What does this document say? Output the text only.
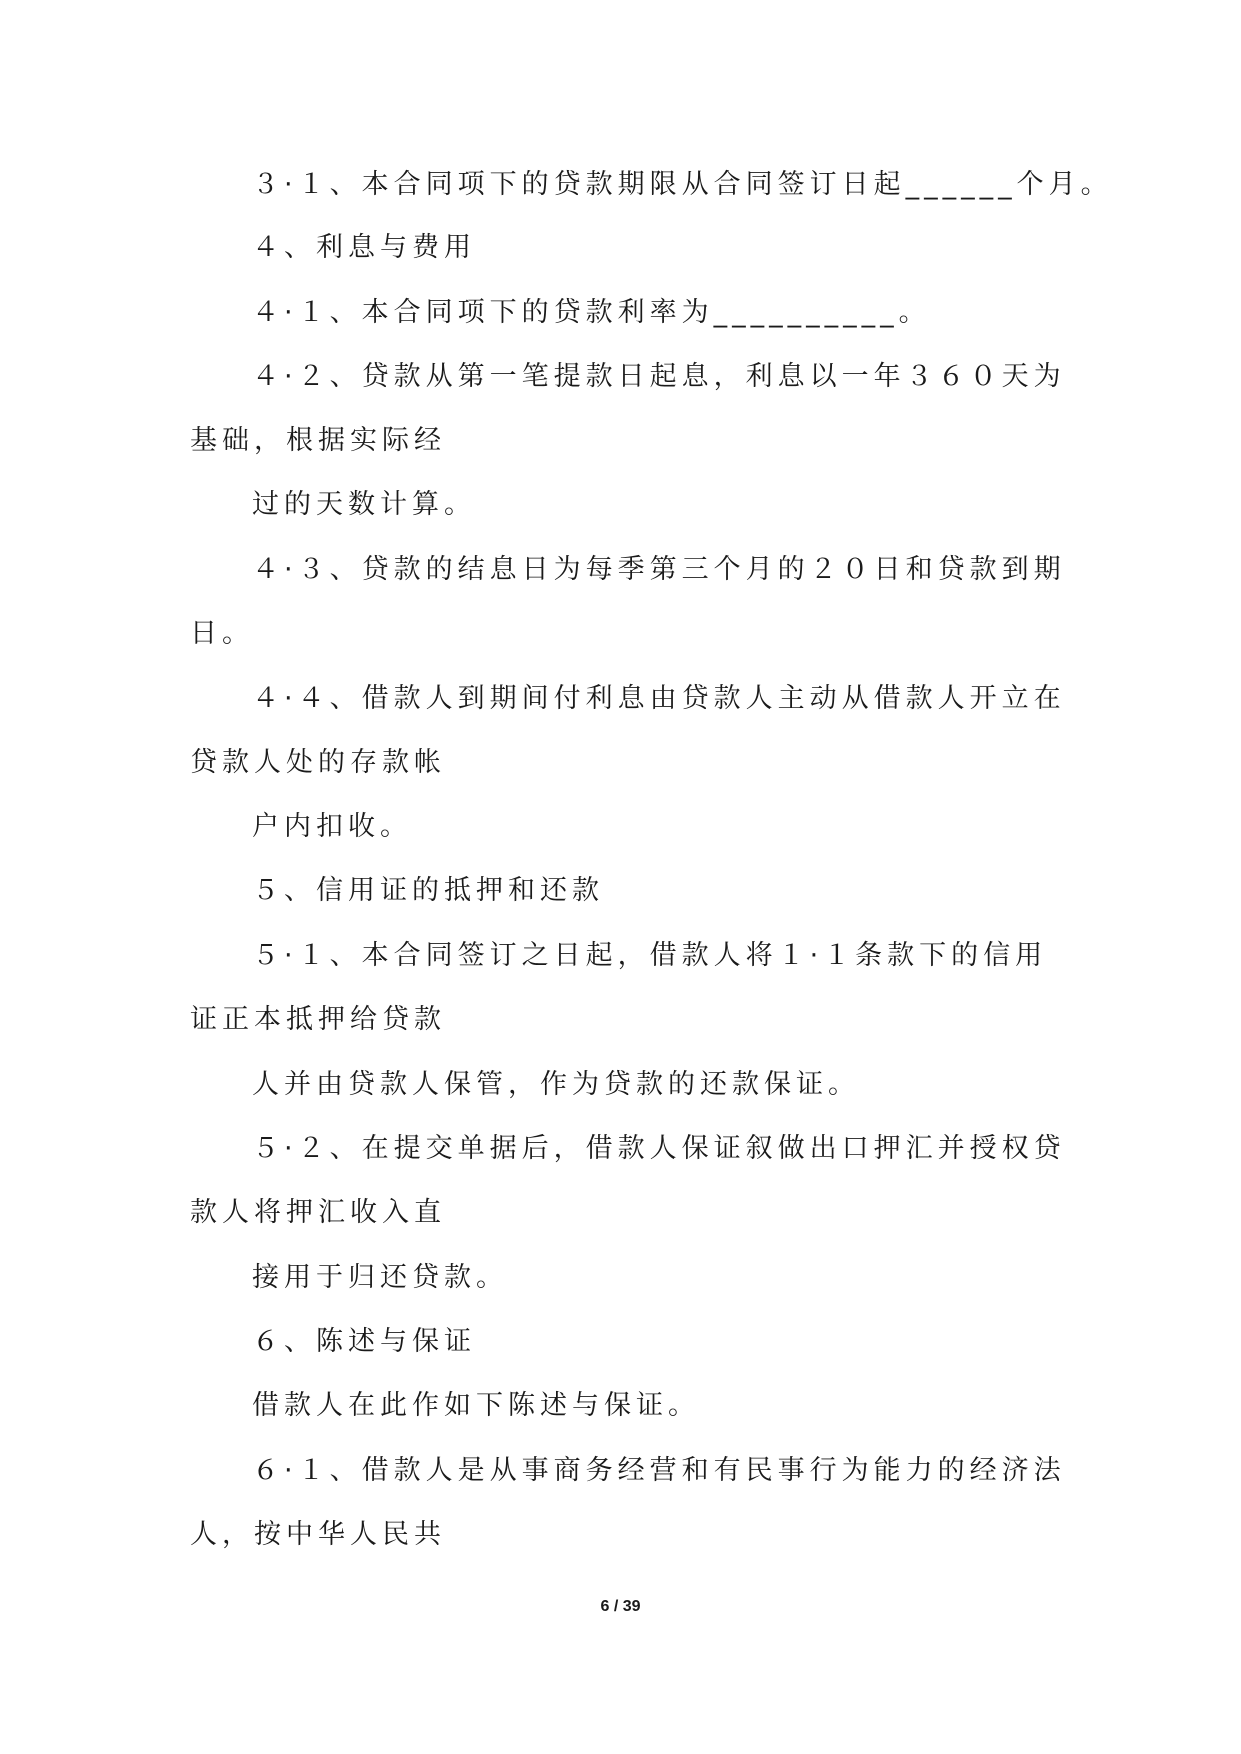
３·１、本合同项下的贷款期限从合同签订日起______个月。
４、利息与费用
４·１、本合同项下的贷款利率为__________。
４·２、贷款从第一笔提款日起息，利息以一年３６０天为
基础，根据实际经
过的天数计算。
４·３、贷款的结息日为每季第三个月的２０日和贷款到期
日。
４·４、借款人到期间付利息由贷款人主动从借款人开立在
贷款人处的存款帐
户内扣收。
５、信用证的抵押和还款
５·１、本合同签订之日起，借款人将１·１条款下的信用
证正本抵押给贷款
人并由贷款人保管，作为贷款的还款保证。
５·２、在提交单据后，借款人保证叙做出口押汇并授权贷
款人将押汇收入直
接用于归还贷款。
６、陈述与保证
借款人在此作如下陈述与保证。
６·１、借款人是从事商务经营和有民事行为能力的经济法
人，按中华人民共
6 / 39
